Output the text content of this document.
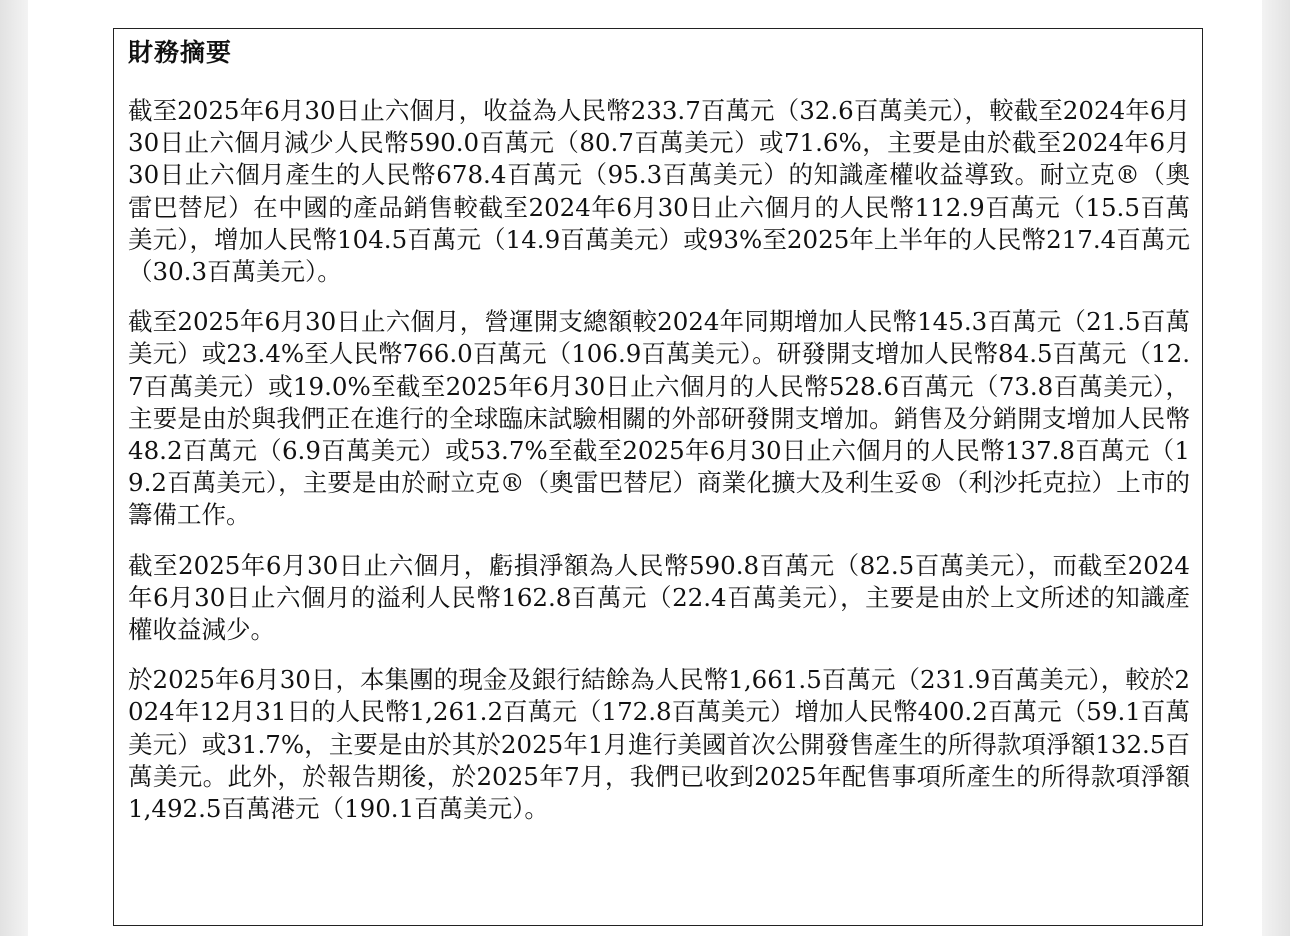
財務摘要

截至2025年6月30日止六個月，收益為人民幣233.7百萬元（32.6百萬美元），較截至2024年6月30日止六個月減少人民幣590.0百萬元（80.7百萬美元）或71.6%，主要是由於截至2024年6月30日止六個月產生的人民幣678.4百萬元（95.3百萬美元）的知識產權收益導致。耐立克®（奧雷巴替尼）在中國的產品銷售較截至2024年6月30日止六個月的人民幣112.9百萬元（15.5百萬美元），增加人民幣104.5百萬元（14.9百萬美元）或93%至2025年上半年的人民幣217.4百萬元（30.3百萬美元）。

截至2025年6月30日止六個月，營運開支總額較2024年同期增加人民幣145.3百萬元（21.5百萬美元）或23.4%至人民幣766.0百萬元（106.9百萬美元）。研發開支增加人民幣84.5百萬元（12.7百萬美元）或19.0%至截至2025年6月30日止六個月的人民幣528.6百萬元（73.8百萬美元），主要是由於與我們正在進行的全球臨床試驗相關的外部研發開支增加。銷售及分銷開支增加人民幣48.2百萬元（6.9百萬美元）或53.7%至截至2025年6月30日止六個月的人民幣137.8百萬元（19.2百萬美元），主要是由於耐立克®（奧雷巴替尼）商業化擴大及利生妥®（利沙托克拉）上市的籌備工作。

截至2025年6月30日止六個月，虧損淨額為人民幣590.8百萬元（82.5百萬美元），而截至2024年6月30日止六個月的溢利人民幣162.8百萬元（22.4百萬美元），主要是由於上文所述的知識產權收益減少。

於2025年6月30日，本集團的現金及銀行結餘為人民幣1,661.5百萬元（231.9百萬美元），較於2024年12月31日的人民幣1,261.2百萬元（172.8百萬美元）增加人民幣400.2百萬元（59.1百萬美元）或31.7%，主要是由於其於2025年1月進行美國首次公開發售產生的所得款項淨額132.5百萬美元。此外，於報告期後，於2025年7月，我們已收到2025年配售事項所產生的所得款項淨額1,492.5百萬港元（190.1百萬美元）。
